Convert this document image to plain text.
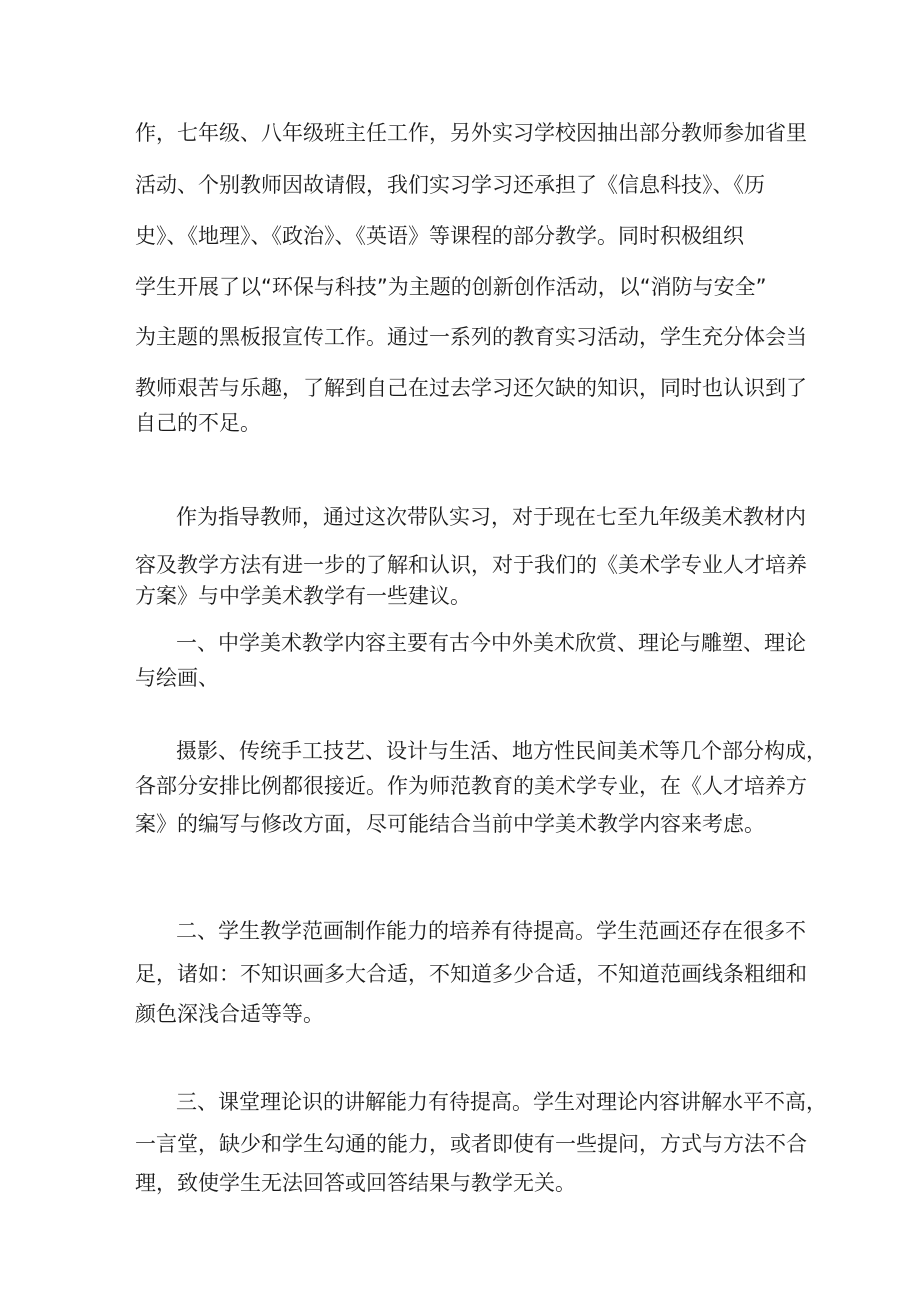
作，七年级、八年级班主任工作，另外实习学校因抽出部分教师参加省里
活动、个别教师因故请假，我们实习学习还承担了《信息科技》、《历
史》、《地理》、《政治》、《英语》等课程的部分教学。同时积极组织
学生开展了以“环保与科技”为主题的创新创作活动，以“消防与安全”
为主题的黑板报宣传工作。通过一系列的教育实习活动，学生充分体会当
教师艰苦与乐趣，了解到自己在过去学习还欠缺的知识，同时也认识到了
自己的不足。
作为指导教师，通过这次带队实习，对于现在七至九年级美术教材内
容及教学方法有进一步的了解和认识，对于我们的《美术学专业人才培养
方案》与中学美术教学有一些建议。
一、中学美术教学内容主要有古今中外美术欣赏、理论与雕塑、理论
与绘画、
摄影、传统手工技艺、设计与生活、地方性民间美术等几个部分构成，
各部分安排比例都很接近。作为师范教育的美术学专业，在《人才培养方
案》的编写与修改方面，尽可能结合当前中学美术教学内容来考虑。
二、学生教学范画制作能力的培养有待提高。学生范画还存在很多不
足，诸如：不知识画多大合适，不知道多少合适，不知道范画线条粗细和
颜色深浅合适等等。
三、课堂理论识的讲解能力有待提高。学生对理论内容讲解水平不高，
一言堂，缺少和学生勾通的能力，或者即使有一些提问，方式与方法不合
理，致使学生无法回答或回答结果与教学无关。
